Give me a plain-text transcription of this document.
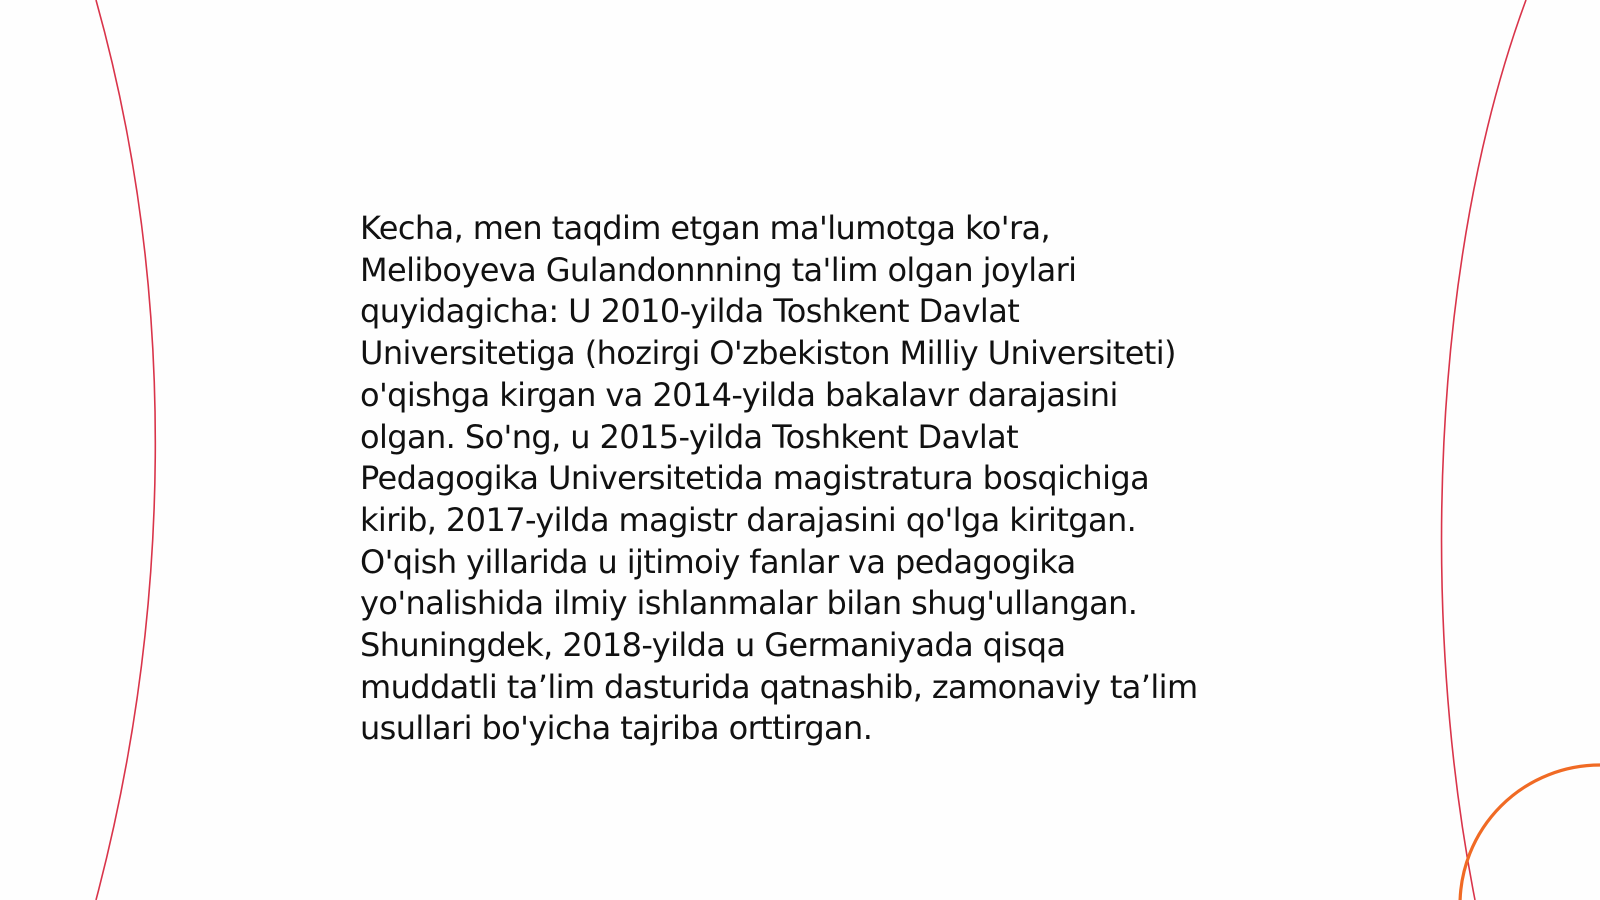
Kecha, men taqdim etgan ma'lumotga ko'ra,
Meliboyeva Gulandonnning ta'lim olgan joylari
quyidagicha: U 2010-yilda Toshkent Davlat
Universitetiga (hozirgi O'zbekiston Milliy Universiteti)
o'qishga kirgan va 2014-yilda bakalavr darajasini
olgan. So'ng, u 2015-yilda Toshkent Davlat
Pedagogika Universitetida magistratura bosqichiga
kirib, 2017-yilda magistr darajasini qo'lga kiritgan.
O'qish yillarida u ijtimoiy fanlar va pedagogika
yo'nalishida ilmiy ishlanmalar bilan shug'ullangan.
Shuningdek, 2018-yilda u Germaniyada qisqa
muddatli ta’lim dasturida qatnashib, zamonaviy ta’lim
usullari bo'yicha tajriba orttirgan.
